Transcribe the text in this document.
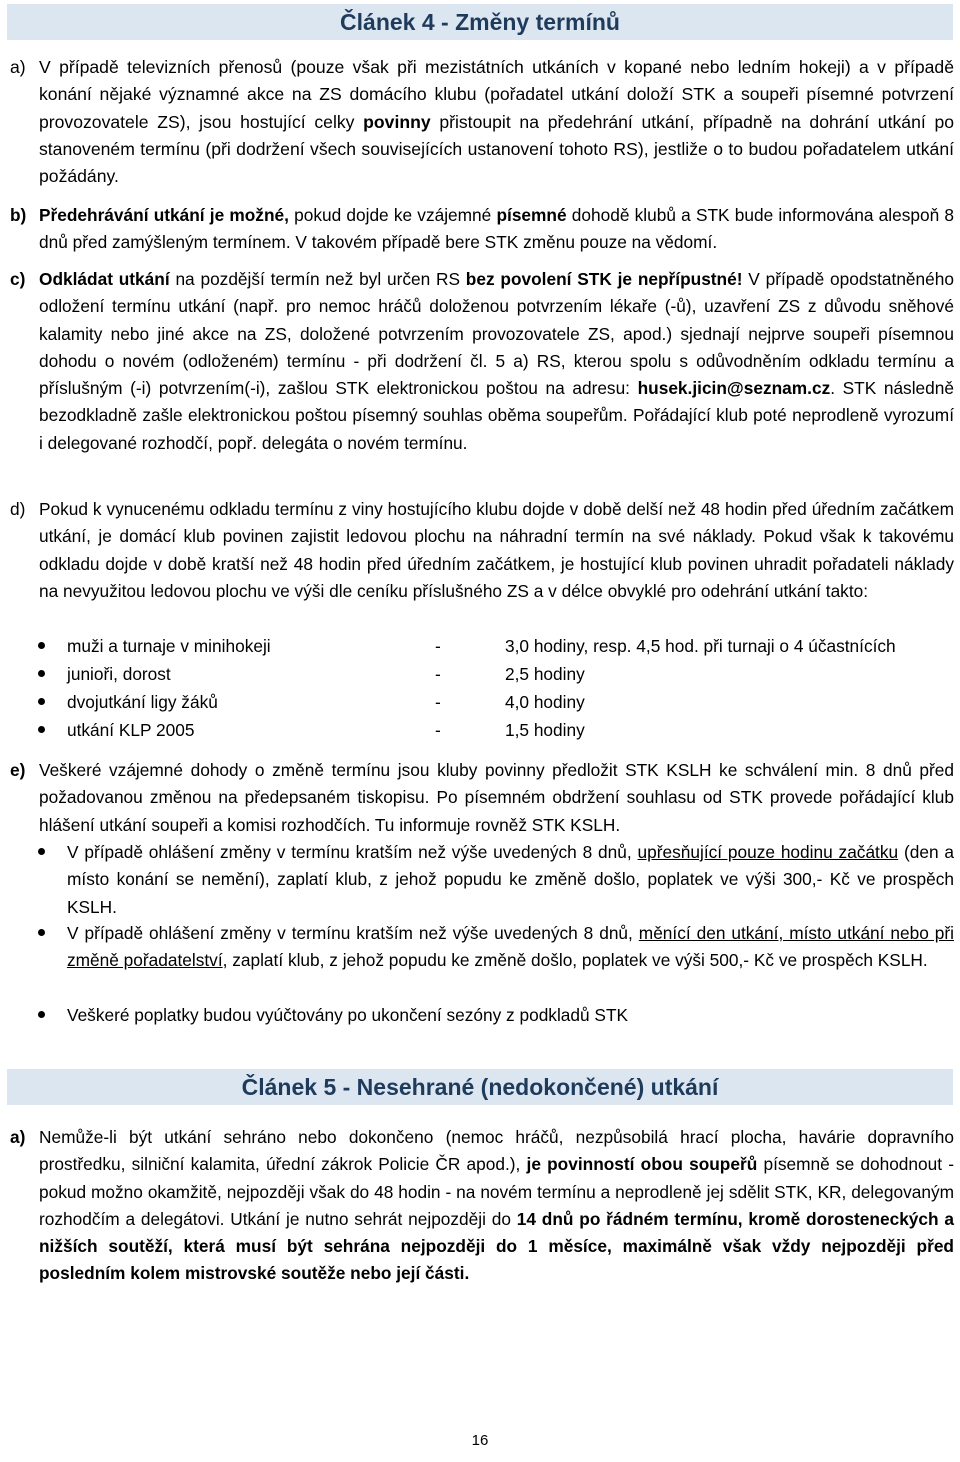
Článek 4 - Změny termínů
a) V případě televizních přenosů (pouze však při mezistátních utkáních v kopané nebo ledním hokeji) a v případě konání nějaké významné akce na ZS domácího klubu (pořadatel utkání doloží STK a soupeři písemné potvrzení provozovatele ZS), jsou hostující celky povinny přistoupit na předehrání utkání, případně na dohrání utkání po stanoveném termínu (při dodržení všech souvisejících ustanovení tohoto RS), jestliže o to budou pořadatelem utkání požádány.
b) Předehrávání utkání je možné, pokud dojde ke vzájemné písemné dohodě klubů a STK bude informována alespoň 8 dnů před zamýšleným termínem. V takovém případě bere STK změnu pouze na vědomí.
c) Odkládat utkání na pozdější termín než byl určen RS bez povolení STK je nepřípustné! V případě opodstatněného odložení termínu utkání (např. pro nemoc hráčů doloženou potvrzením lékaře (-ů), uzavření ZS z důvodu sněhové kalamity nebo jiné akce na ZS, doložené potvrzením provozovatele ZS, apod.) sjednají nejprve soupeři písemnou dohodu o novém (odloženém) termínu - při dodržení čl. 5 a) RS, kterou spolu s odůvodněním odkladu termínu a příslušným (-i) potvrzením(-i), zašlou STK elektronickou poštou na adresu: husek.jicin@seznam.cz. STK následně bezodkladně zašle elektronickou poštou písemný souhlas oběma soupeřům. Pořádající klub poté neprodleně vyrozumí i delegované rozhodčí, popř. delegáta o novém termínu.
d) Pokud k vynucenému odkladu termínu z viny hostujícího klubu dojde v době delší než 48 hodin před úředním začátkem utkání, je domácí klub povinen zajistit ledovou plochu na náhradní termín na své náklady. Pokud však k takovému odkladu dojde v době kratší než 48 hodin před úředním začátkem, je hostující klub povinen uhradit pořadateli náklady na nevyužitou ledovou plochu ve výši dle ceníku příslušného ZS a v délce obvyklé pro odehrání utkání takto:
muži a turnaje v minihokeji	-	3,0 hodiny, resp. 4,5 hod. při turnaji o 4 účastnících
junioři, dorost	-	2,5 hodiny
dvojutkání ligy žáků	-	4,0 hodiny
utkání KLP 2005	-	1,5 hodiny
e) Veškeré vzájemné dohody o změně termínu jsou kluby povinny předložit STK KSLH ke schválení min. 8 dnů před požadovanou změnou na předepsaném tiskopisu. Po písemném obdržení souhlasu od STK provede pořádající klub hlášení utkání soupeři a komisi rozhodčích. Tu informuje rovněž STK KSLH.
V případě ohlášení změny v termínu kratším než výše uvedených 8 dnů, upřesňující pouze hodinu začátku (den a místo konání se nemění), zaplatí klub, z jehož popudu ke změně došlo, poplatek ve výši 300,- Kč ve prospěch KSLH.
V případě ohlášení změny v termínu kratším než výše uvedených 8 dnů, měnící den utkání, místo utkání nebo při změně pořadatelství, zaplatí klub, z jehož popudu ke změně došlo, poplatek ve výši 500,- Kč ve prospěch KSLH.
Veškeré poplatky budou vyúčtovány po ukončení sezóny z podkladů STK
Článek 5 - Nesehrané (nedokončené) utkání
a) Nemůže-li být utkání sehráno nebo dokončeno (nemoc hráčů, nezpůsobilá hrací plocha, havárie dopravního prostředku, silniční kalamita, úřední zákrok Policie ČR apod.), je povinností obou soupeřů písemně se dohodnout - pokud možno okamžitě, nejpozději však do 48 hodin - na novém termínu a neprodleně jej sdělit STK, KR, delegovaným rozhodčím a delegátovi. Utkání je nutno sehrát nejpozději do 14 dnů po řádném termínu, kromě dorosteneckých a nižších soutěží, která musí být sehrána nejpozději do 1 měsíce, maximálně však vždy nejpozději před posledním kolem mistrovské soutěže nebo její části.
16
